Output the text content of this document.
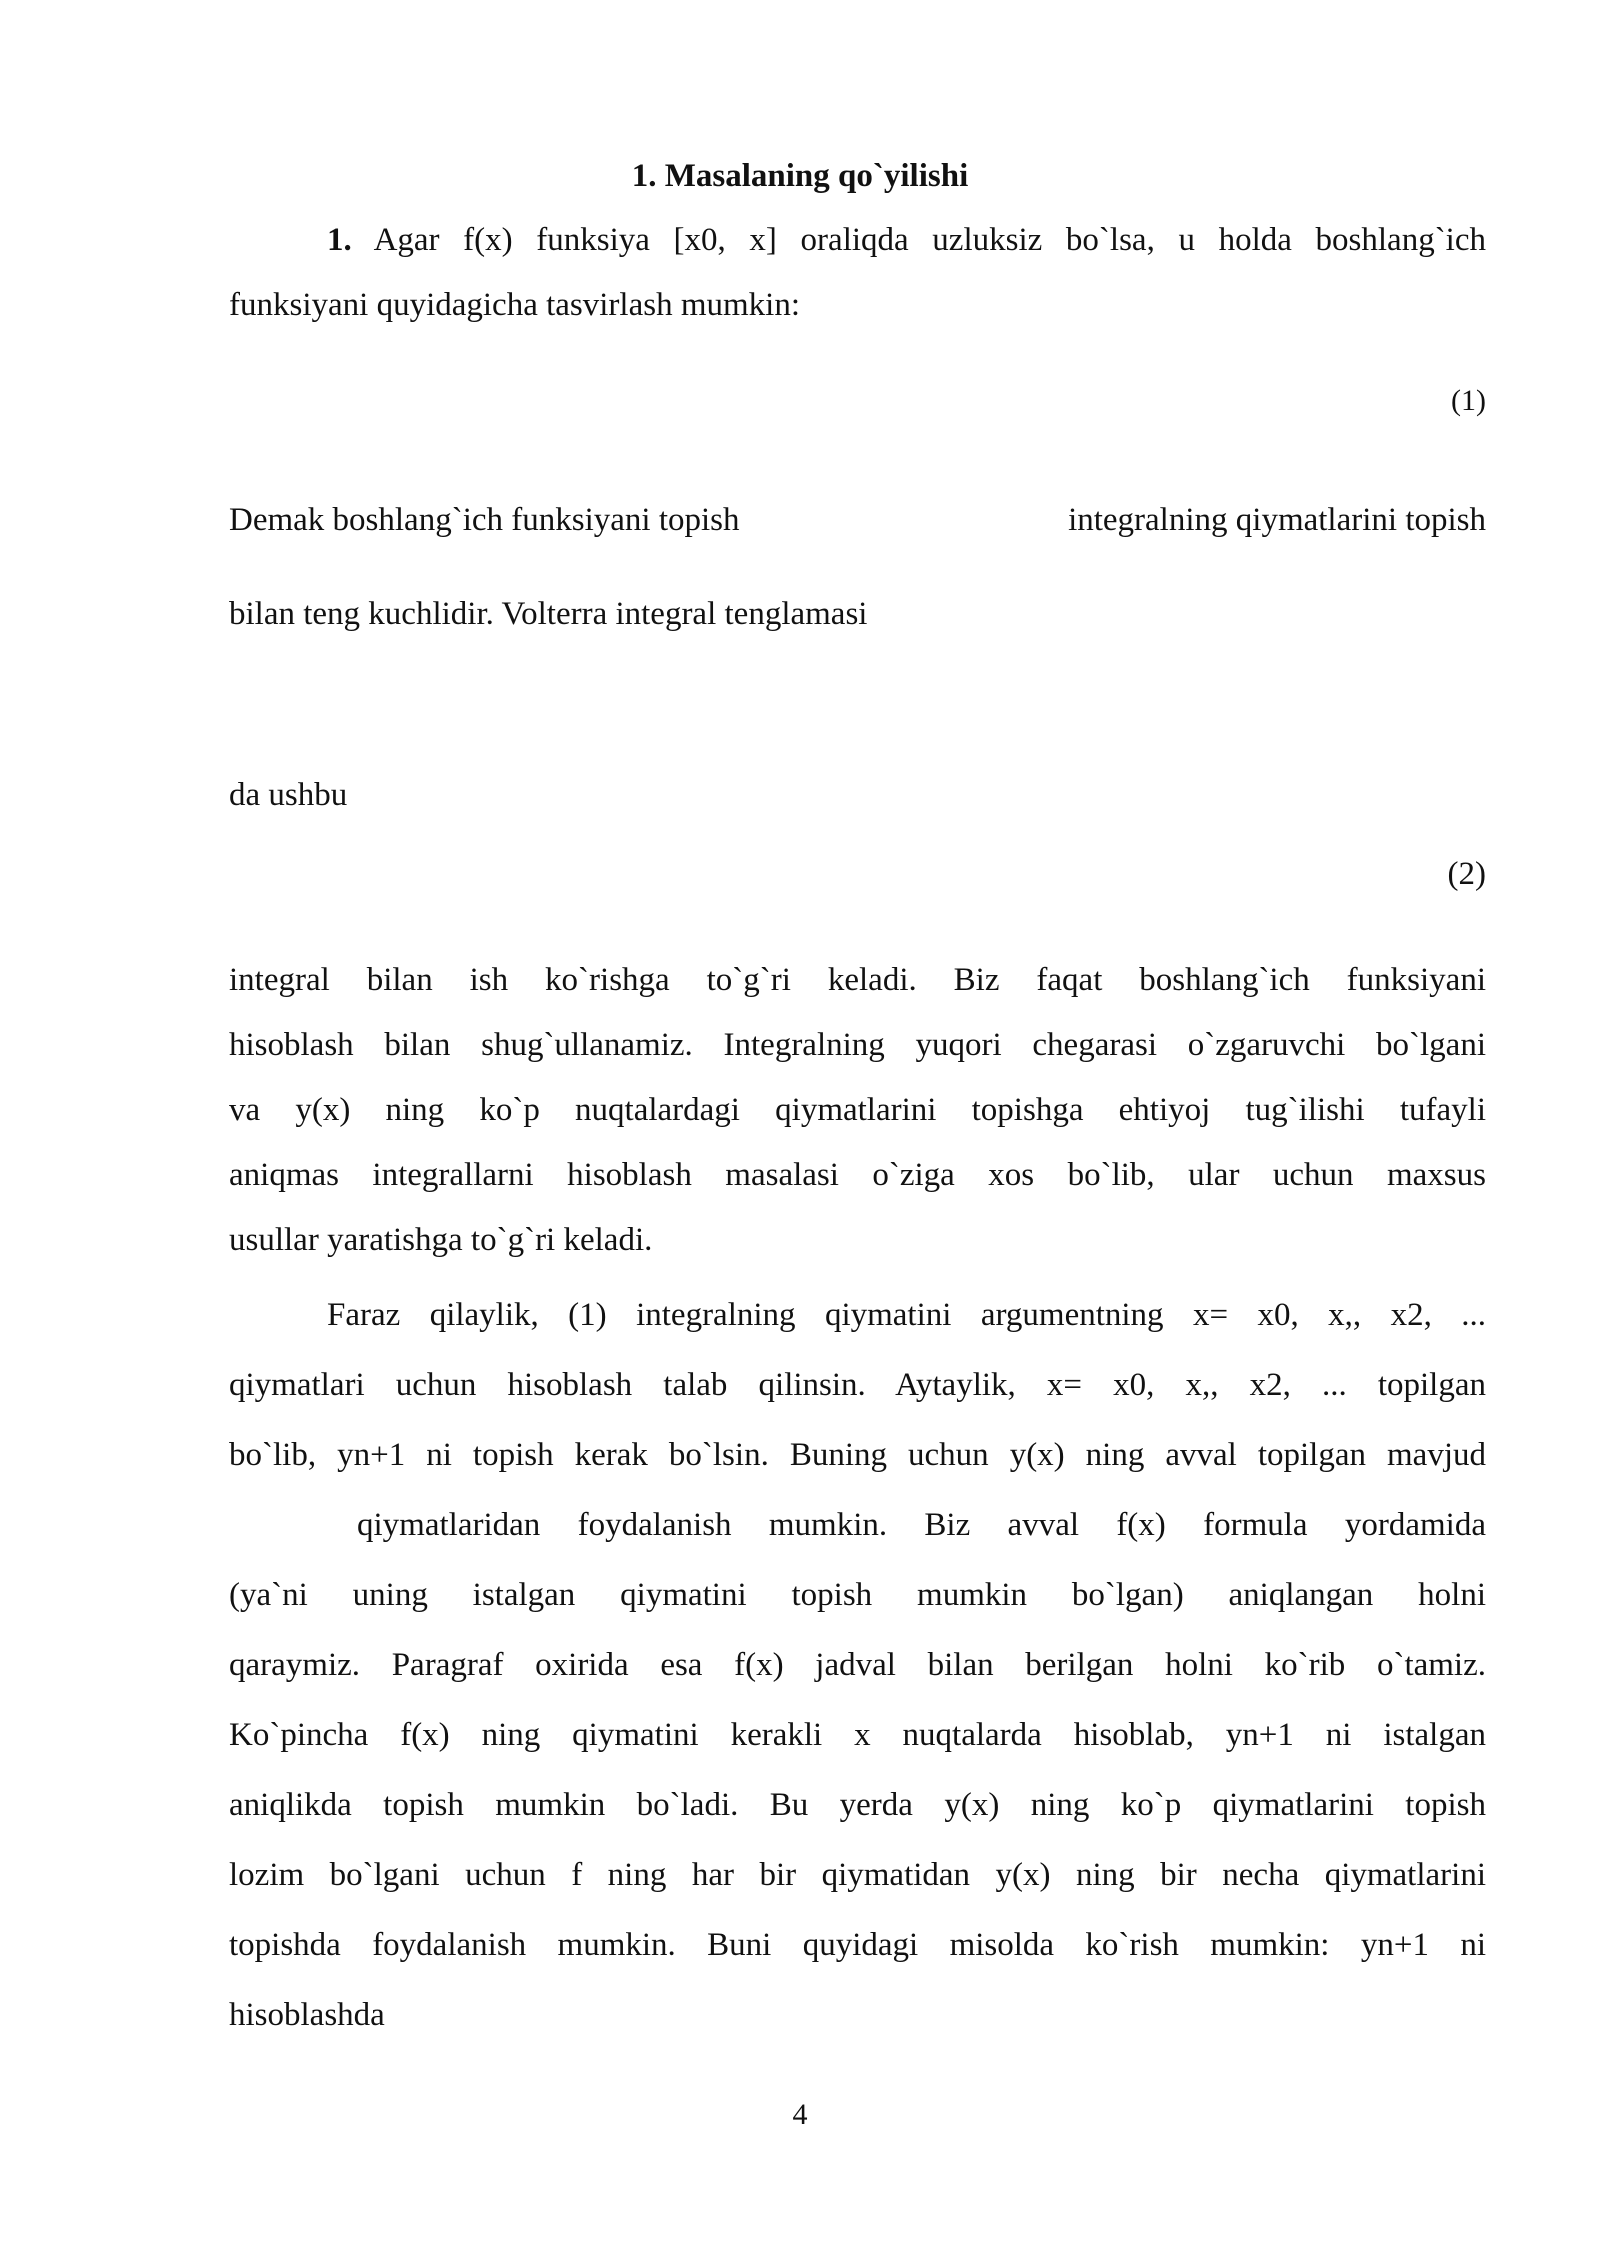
1. Masalaning qo`yilishi
1. Agar f(x) funksiya [x0, x] oraliqda uzluksiz bo`lsa, u holda boshlang`ich
funksiyani quyidagicha tasvirlash mumkin:
(1)
Demak boshlang`ich funksiyani topish	integralning qiymatlarini topish
bilan teng kuchlidir. Volterra integral tenglamasi
da ushbu
(2)
integral bilan ish ko`rishga to`g`ri keladi. Biz faqat boshlang`ich funksiyani
hisoblash bilan shug`ullanamiz. Integralning yuqori chegarasi o`zgaruvchi bo`lgani
va y(x) ning ko`p nuqtalardagi qiymatlarini topishga ehtiyoj tug`ilishi tufayli
aniqmas integrallarni hisoblash masalasi o`ziga xos bo`lib, ular uchun maxsus
usullar yaratishga to`g`ri keladi.
Faraz qilaylik, (1) integralning qiymatini argumentning x= x0, x,, x2, ...
qiymatlari uchun hisoblash talab qilinsin. Aytaylik, x= x0, x,, x2, ... topilgan
bo`lib, yn+1 ni topish kerak bo`lsin. Buning uchun y(x) ning avval topilgan mavjud
qiymatlaridan foydalanish mumkin. Biz avval f(x) formula yordamida
(ya`ni uning istalgan qiymatini topish mumkin bo`lgan) aniqlangan holni
qaraymiz. Paragraf oxirida esa f(x) jadval bilan berilgan holni ko`rib o`tamiz.
Ko`pincha f(x) ning qiymatini kerakli x nuqtalarda hisoblab, yn+1 ni istalgan
aniqlikda topish mumkin bo`ladi. Bu yerda y(x) ning ko`p qiymatlarini topish
lozim bo`lgani uchun f ning har bir qiymatidan y(x) ning bir necha qiymatlarini
topishda foydalanish mumkin. Buni quyidagi misolda ko`rish mumkin: yn+1 ni
hisoblashda
4
